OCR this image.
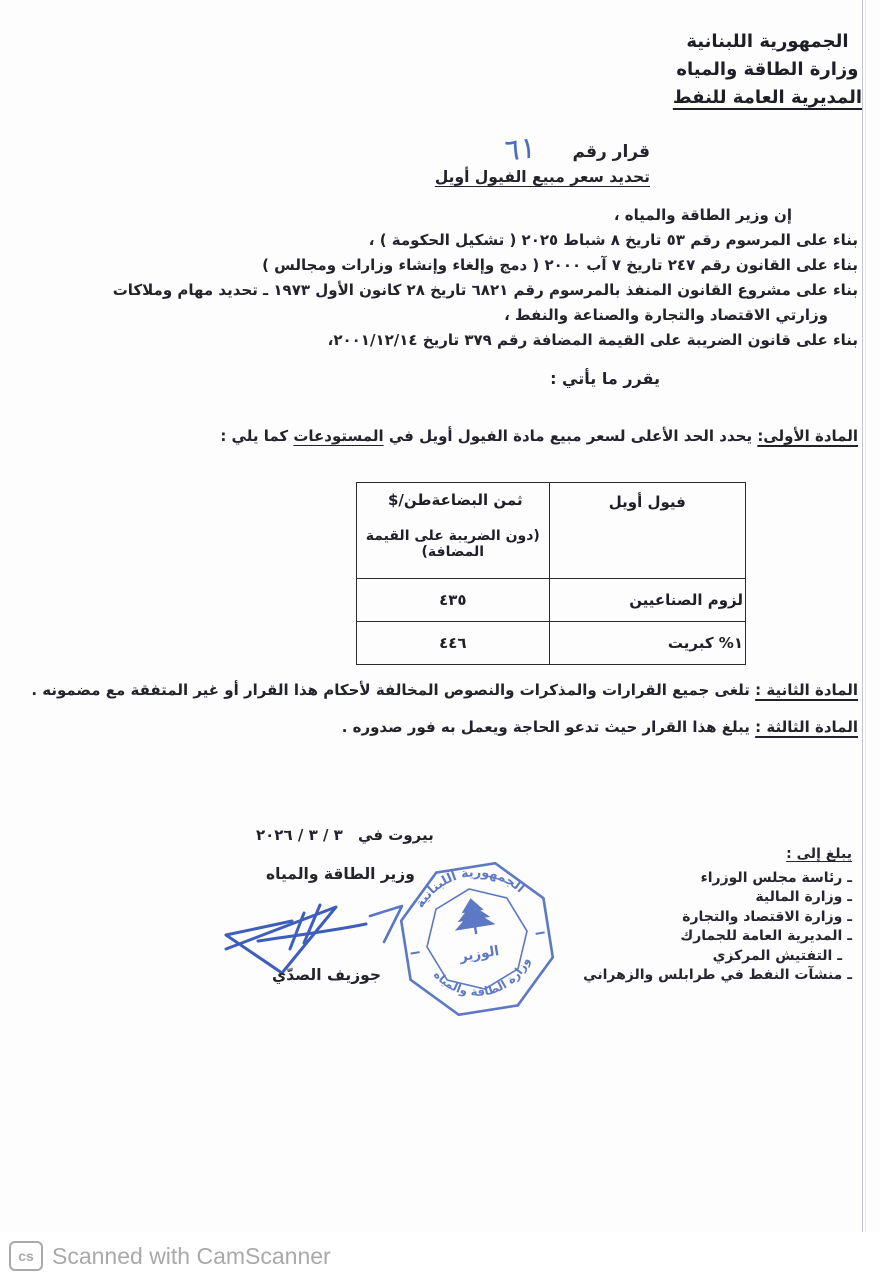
الجمهورية اللبنانية
وزارة الطاقة والمياه
المديرية العامة للنفط
قرار رقم٦١
تحديد سعر مبيع الفيول أويل
إن وزير الطاقة والمياه ،
بناء على المرسوم رقم ٥٣ تاريخ ٨ شباط ٢٠٢٥ ( تشكيل الحكومة ) ،
بناء على القانون رقم ٢٤٧ تاريخ ٧ آب ٢٠٠٠ ( دمج وإلغاء وإنشاء وزارات ومجالس )
بناء على مشروع القانون المنفذ بالمرسوم رقم ٦٨٢١ تاريخ ٢٨ كانون الأول ١٩٧٣ ـ تحديد مهام وملاكات
وزارتي الاقتصاد والتجارة والصناعة والنفط ،
بناء على قانون الضريبة على القيمة المضافة رقم ٣٧٩ تاريخ ٢٠٠١/١٢/١٤،
يقرر ما يأتي :
المادة الأولى: يحدد الحد الأعلى لسعر مبيع مادة الفيول أويل في المستودعات كما يلي :
فيول أويل	ثمن البضاعة$/طن
(دون الضريبة على القيمة المضافة)

لزوم الصناعيين	٤٣٥
١% كبريت	٤٤٦
المادة الثانية : تلغى جميع القرارات والمذكرات والنصوص المخالفة لأحكام هذا القرار أو غير المتفقة مع مضمونه .
المادة الثالثة : يبلغ هذا القرار حيث تدعو الحاجة ويعمل به فور صدوره .
بيروت في ٣ / ٣ / ٢٠٢٦
وزير الطاقة والمياه
جوزيف الصدّي
الجمهورية اللبنانية
وزارة الطاقة والمياه
الوزير
يبلغ إلى :
ـ رئاسة مجلس الوزراء
ـ وزارة المالية
ـ وزارة الاقتصاد والتجارة
ـ المديرية العامة للجمارك
ـ التفتيش المركزي
ـ منشآت النفط في طرابلس والزهراني
cs Scanned with CamScanner
